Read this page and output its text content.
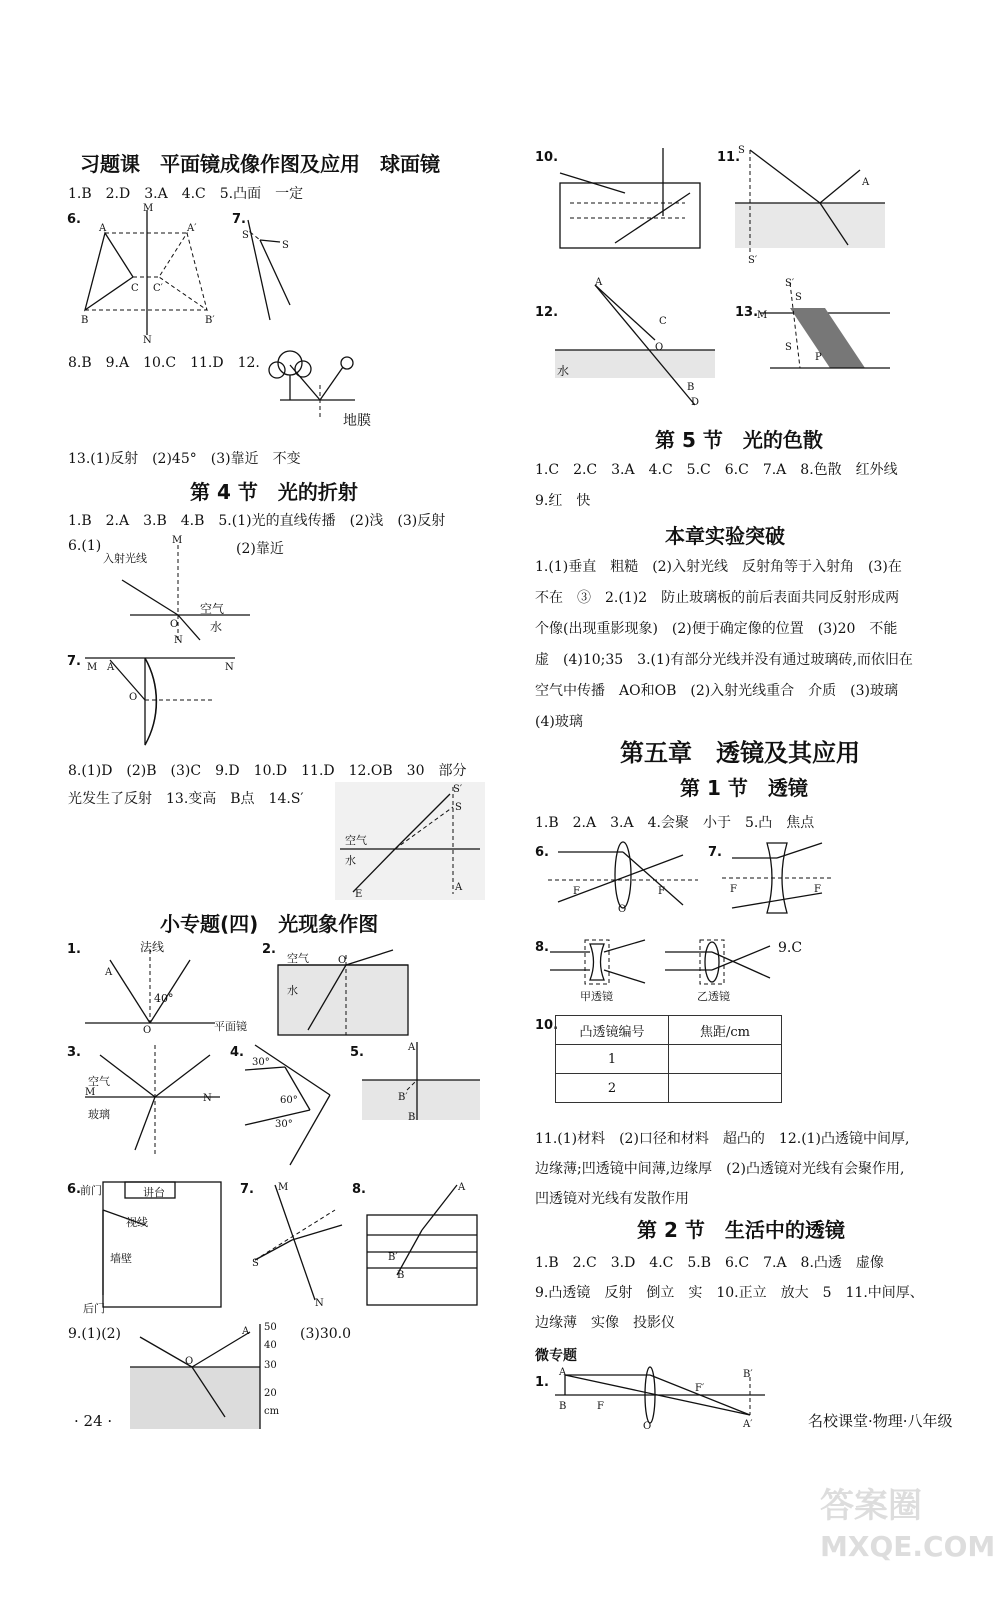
习题课　平面镜成像作图及应用　球面镜
1.B　2.D　3.A　4.C　5.凸面　一定
6.
A	A′
C C′
B	B′
M
N
7.
S′
S
8.B　9.A　10.C　11.D　12.
地膜
13.(1)反射　(2)45°　(3)靠近　不变
第 4 节　光的折射
1.B　2.A　3.B　4.B　5.(1)光的直线传播　(2)浅　(3)反射
6.(1)	(2)靠近
M
O
N
入射光线
空气
水
7. M A	N
O
8.(1)D　(2)B　(3)C　9.D　10.D　11.D　12.OB　30　部分
光发生了反射　13.变高　B点　14.S′
S′
S
A
E
空气
水
小专题(四)　光现象作图
1.
A
O
法线
40°
平面镜
2.
O
空气
水
3.
M
N
空气
玻璃
4.
30°
60°
30°
5.	A
B′
B
6. 前门	讲台
视线
墙壁
后门
7. M
S
N
8.	A
B′
B
9.(1)(2)	(3)30.0
O
A 50
40
30
20
cm
· 24 ·
10.	11.
S
A
S′
12.
A
C
O
B
D
水
13.
S′
S
M
S
P
第 5 节　光的色散
1.C　2.C　3.A　4.C　5.C　6.C　7.A　8.色散　红外线
9.红　快
本章实验突破
1.(1)垂直　粗糙　(2)入射光线　反射角等于入射角　(3)在
不在　③　2.(1)2　防止玻璃板的前后表面共同反射形成两
个像(出现重影现象)　(2)便于确定像的位置　(3)20　不能
虚　(4)10;35　3.(1)有部分光线并没有通过玻璃砖,而依旧在
空气中传播　AO和OB　(2)入射光线重合　介质　(3)玻璃
(4)玻璃
第五章　透镜及其应用
第 1 节　透镜
1.B　2.A　3.A　4.会聚　小于　5.凸　焦点
6.
F
O
F
7.
F	F
8.
甲透镜	乙透镜
9.C
10. 凸透镜编号	焦距/cm
1	
2	
11.(1)材料　(2)口径和材料　超凸的　12.(1)凸透镜中间厚,
边缘薄;凹透镜中间薄,边缘厚　(2)凸透镜对光线有会聚作用,
凹透镜对光线有发散作用
第 2 节　生活中的透镜
1.B　2.C　3.D　4.C　5.B　6.C　7.A　8.凸透　虚像
9.凸透镜　反射　倒立　实　10.正立　放大　5　11.中间厚、
边缘薄　实像　投影仪
微专题
1.
A
B	F
O
F′
B′
A′	名校课堂·物理·八年级
答案圈
MXQE.COM
